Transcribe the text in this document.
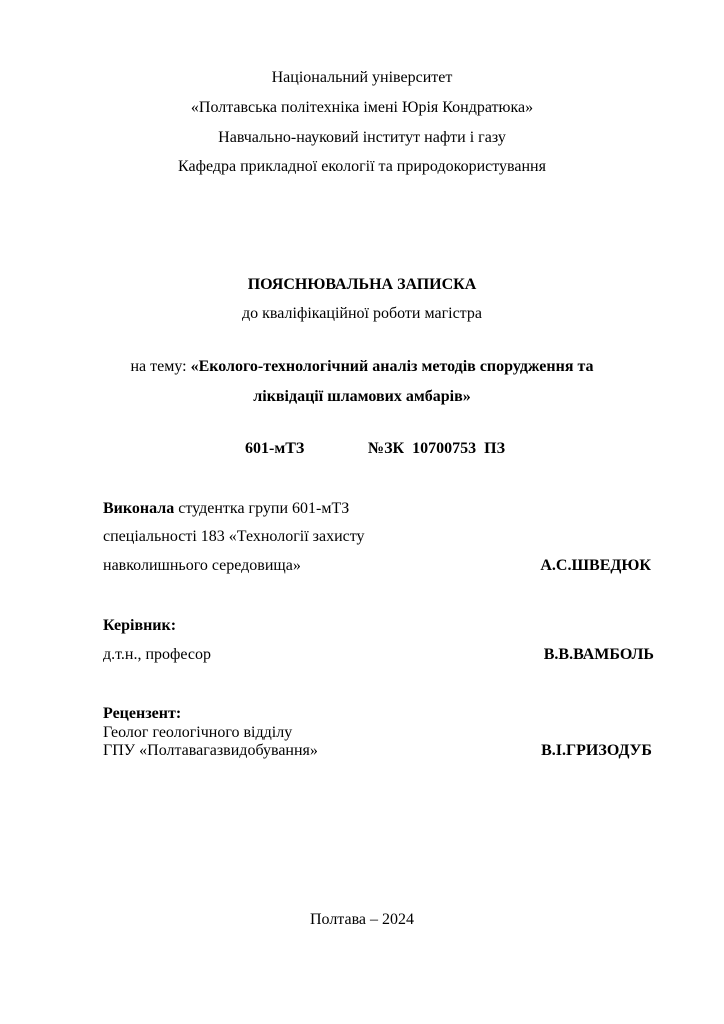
Національний університет
«Полтавська політехніка імені Юрія Кондратюка»
Навчально-науковий інститут нафти і газу
Кафедра прикладної екології та природокористування
ПОЯСНЮВАЛЬНА ЗАПИСКА
до кваліфікаційної роботи магістра
на тему: «Еколого-технологічний аналіз методів спорудження та
ліквідації шламових амбарів»
601-мТЗ	№ЗК  10700753  ПЗ
Виконала студентка групи 601-мТЗ
спеціальності 183 «Технології захисту
навколишнього середовища»	А.С.ШВЕДЮК
Керівник:
д.т.н., професор	В.В.ВАМБОЛЬ
Рецензент:
Геолог геологічного відділу
ГПУ «Полтавагазвидобування»	В.І.ГРИЗОДУБ
Полтава – 2024
